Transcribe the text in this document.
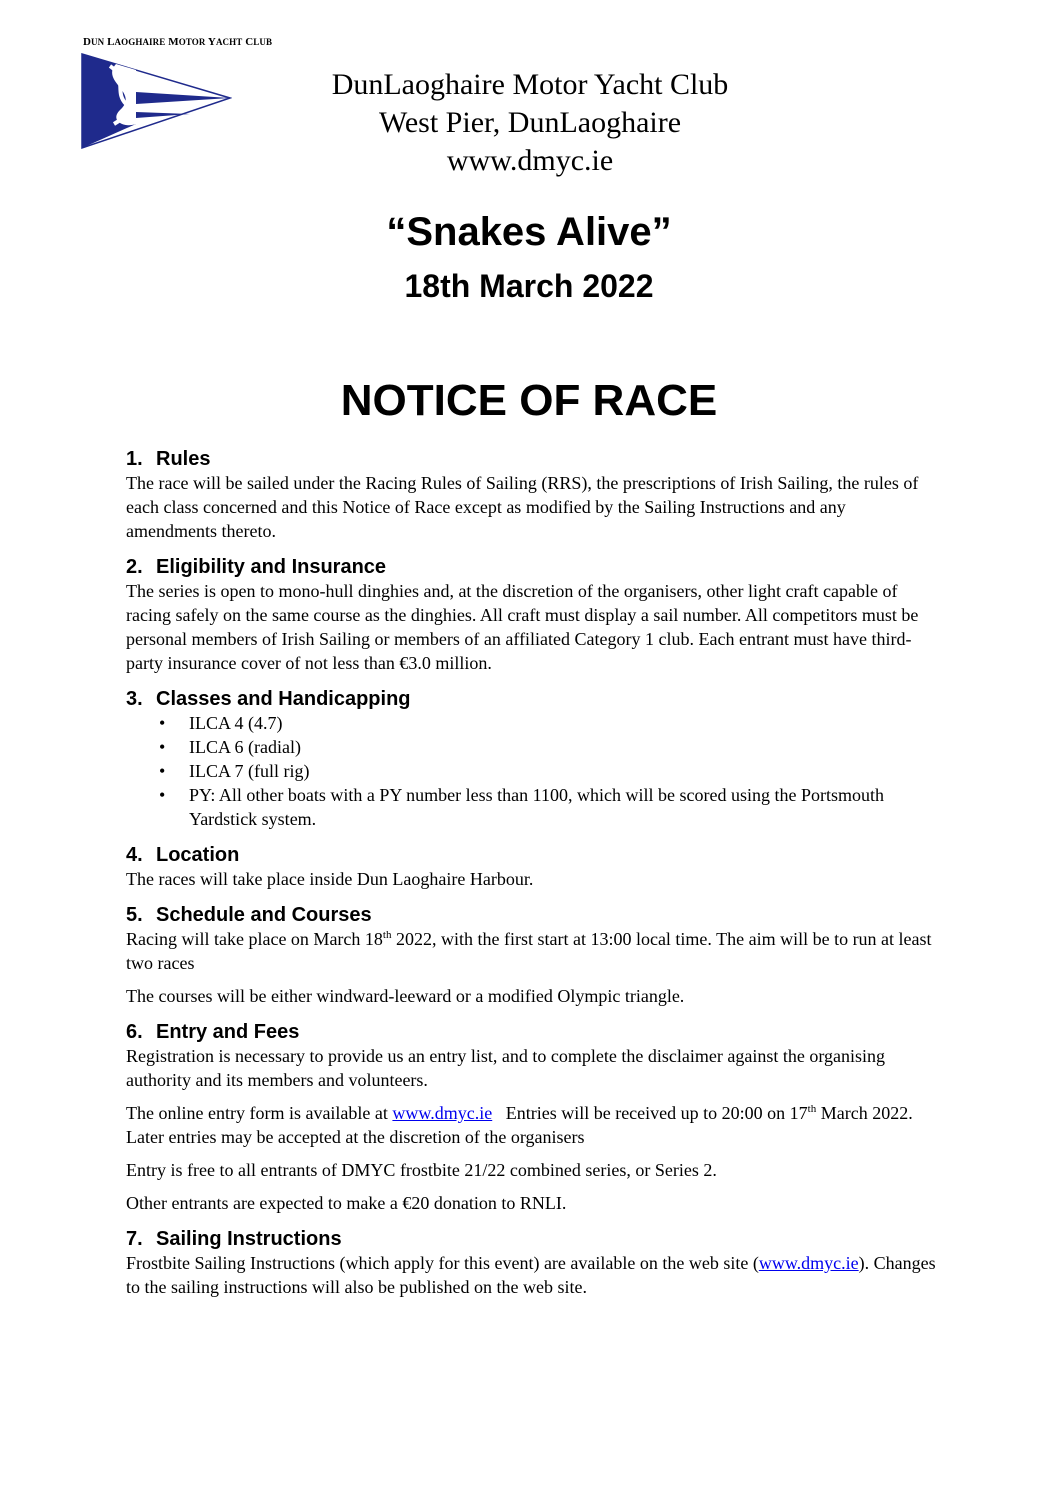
DUN LAOGHAIRE MOTOR YACHT CLUB
DunLaoghaire Motor Yacht Club
West Pier, DunLaoghaire
www.dmyc.ie
“Snakes Alive”
18th March 2022
NOTICE OF RACE
1. Rules

The race will be sailed under the Racing Rules of Sailing (RRS), the prescriptions of Irish Sailing, the rules of each class concerned and this Notice of Race except as modified by the Sailing Instructions and any amendments thereto.

2. Eligibility and Insurance

The series is open to mono-hull dinghies and, at the discretion of the organisers, other light craft capable of racing safely on the same course as the dinghies. All craft must display a sail number. All competitors must be personal members of Irish Sailing or members of an affiliated Category 1 club. Each entrant must have third-party insurance cover of not less than €3.0 million.

3. Classes and Handicapping
• ILCA 4 (4.7)
• ILCA 6 (radial)
• ILCA 7 (full rig)
• PY: All other boats with a PY number less than 1100, which will be scored using the Portsmouth Yardstick system.
4. Location

The races will take place inside Dun Laoghaire Harbour.

5. Schedule and Courses

Racing will take place on March 18th 2022, with the first start at 13:00 local time. The aim will be to run at least two races

The courses will be either windward-leeward or a modified Olympic triangle.

6. Entry and Fees

Registration is necessary to provide us an entry list, and to complete the disclaimer against the organising authority and its members and volunteers.

The online entry form is available at www.dmyc.ie   Entries will be received up to 20:00 on 17th March 2022. Later entries may be accepted at the discretion of the organisers

Entry is free to all entrants of DMYC frostbite 21/22 combined series, or Series 2.

Other entrants are expected to make a €20 donation to RNLI.

7. Sailing Instructions

Frostbite Sailing Instructions (which apply for this event) are available on the web site (www.dmyc.ie). Changes to the sailing instructions will also be published on the web site.
